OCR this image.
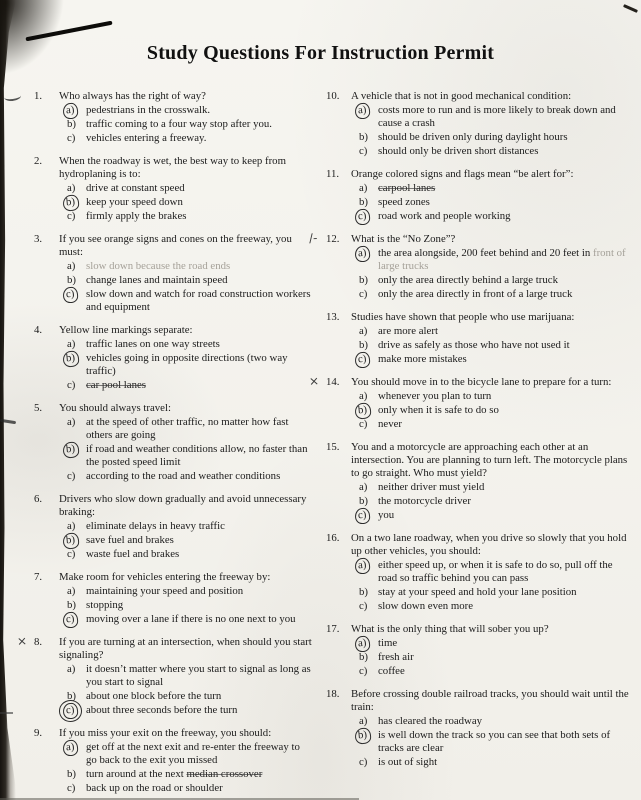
Study Questions For Instruction Permit
1.	Who always has the right of way?
a)	pedestrians in the crosswalk.
b) traffic coming to a four way stop after you.
c) vehicles entering a freeway.
2.	When the roadway is wet, the best way to keep from hydroplaning is to:
a) drive at constant speed
b) keep your speed down
c) firmly apply the brakes
3.	If you see orange signs and cones on the freeway, you must:
a) slow down because the road ends
b) change lanes and maintain speed
c)	slow down and watch for road construction workers and equipment
4.	Yellow line markings separate:
a) traffic lanes on one way streets
b) vehicles going in opposite directions (two way traffic)
c) car pool lanes
5.	You should always travel:
a) at the speed of other traffic, no matter how fast others are going
b) if road and weather conditions allow, no faster than the posted speed limit
c) according to the road and weather conditions
6.	Drivers who slow down gradually and avoid unnecessary braking:
a) eliminate delays in heavy traffic
b) save fuel and brakes
c) waste fuel and brakes
7.	Make room for vehicles entering the freeway by:
a) maintaining your speed and position
b) stopping
c)	moving over a lane if there is no one next to you
× 8.	If you are turning at an intersection, when should you start signaling?
a) it doesn’t matter where you start to signal as long as you start to signal
b) about one block before the turn
c)	about three seconds before the turn
9.	If you miss your exit on the freeway, you should:
a)	get off at the next exit and re-enter the freeway to go back to the exit you missed
b) turn around at the next median crossover
c) back up on the road or shoulder
10.	A vehicle that is not in good mechanical condition:
a)	costs more to run and is more likely to break down and cause a crash
b) should be driven only during daylight hours
c) should only be driven short distances
11.	Orange colored signs and flags mean “be alert for”:
a) carpool lanes
b) speed zones
c)	road work and people working
∕- 12.	What is the “No Zone”?
a)	the area alongside, 200 feet behind and 20 feet in front of large trucks
b) only the area directly behind a large truck
c) only the area directly in front of a large truck
13.	Studies have shown that people who use marijuana:
a) are more alert
b) drive as safely as those who have not used it
c)	make more mistakes
× 14.	You should move in to the bicycle lane to prepare for a turn:
a) whenever you plan to turn
b) only when it is safe to do so
c) never
15.	You and a motorcycle are approaching each other at an intersection. You are planning to turn left. The motorcycle plans to go straight. Who must yield?
a) neither driver must yield
b) the motorcycle driver
c)	you
16.	On a two lane roadway, when you drive so slowly that you hold up other vehicles, you should:
a)	either speed up, or when it is safe to do so, pull off the road so traffic behind you can pass
b) stay at your speed and hold your lane position
c) slow down even more
17.	What is the only thing that will sober you up?
a)	time
b) fresh air
c) coffee
18.	Before crossing double railroad tracks, you should wait until the train:
a) has cleared the roadway
b) is well down the track so you can see that both sets of tracks are clear
c) is out of sight
